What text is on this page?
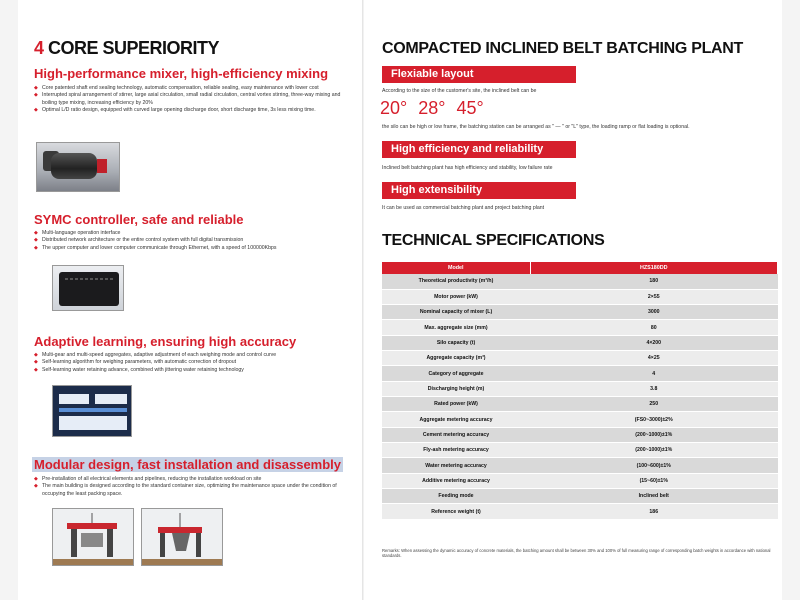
4 CORE SUPERIORITY
High-performance mixer, high-efficiency mixing
◆ Core patented shaft end sealing technology, automatic compensation, reliable sealing, easy maintenance with lower cost
◆ Interrupted spiral arrangement of stirrer, large axial circulation, small radial circulation, central vortex stirring, three-way mixing and boiling type mixing, increasing efficiency by 20%
◆ Optimal L/D ratio design, equipped with curved large opening discharge door, short discharge time, 3s less mixing time.
SYMC controller, safe and reliable
◆ Multi-language operation interface
◆ Distributed network architecture or the entire control system with full digital transmission
◆ The upper computer and lower computer communicate through Ethernet, with a speed of 100000Kbps
Adaptive learning, ensuring high accuracy
◆ Multi-gear and multi-speed aggregates, adaptive adjustment of each weighing mode and control curve
◆ Self-learning algorithm for weighing parameters, with automatic correction of dropout
◆ Self-learning water retaining advance, combined with jittering water retaining technology
Modular design, fast installation and disassembly
◆ Pre-installation of all electrical elements and pipelines, reducing the installation workload on site
◆ The main building is designed according to the standard container size, optimizing the maintenance space under the condition of occupying the least packing space.
COMPACTED INCLINED BELT BATCHING PLANT
Flexiable layout
According to the size of the customer's site, the inclined belt can be
20° 28° 45°
the silo can be high or low frame, the batching station can be arranged as " — " or "L" type, the loading ramp or flat loading is optional.
High efficiency and reliability
Inclined belt batching plant has high efficiency and stability, low failure rate
High extensibility
It can be used as commercial batching plant and project batching plant
TECHNICAL SPECIFICATIONS
Model	HZS180DD
Theoretical productivity (m³/h)	180
Motor power (kW)	2×55
Nominal capacity of mixer (L)	3000
Max. aggregate size (mm)	80
Silo capacity (t)	4×200
Aggregate capacity (m³)	4×25
Category of aggregate	4
Discharging height (m)	3.8
Rated power (kW)	250
Aggregate metering accuracy	(FS0~3000)±2%
Cement metering accuracy	(200~1000)±1%
Fly-ash metering accuracy	(200~1000)±1%
Water metering accuracy	(100~600)±1%
Additive metering accuracy	(15~60)±1%
Feeding mode	Inclined belt
Reference weight (t)	186
Remarks: When assessing the dynamic accuracy of concrete materials, the batching amount shall be between 30% and 100% of full measuring range of corresponding batch weights in accordance with national standards.
